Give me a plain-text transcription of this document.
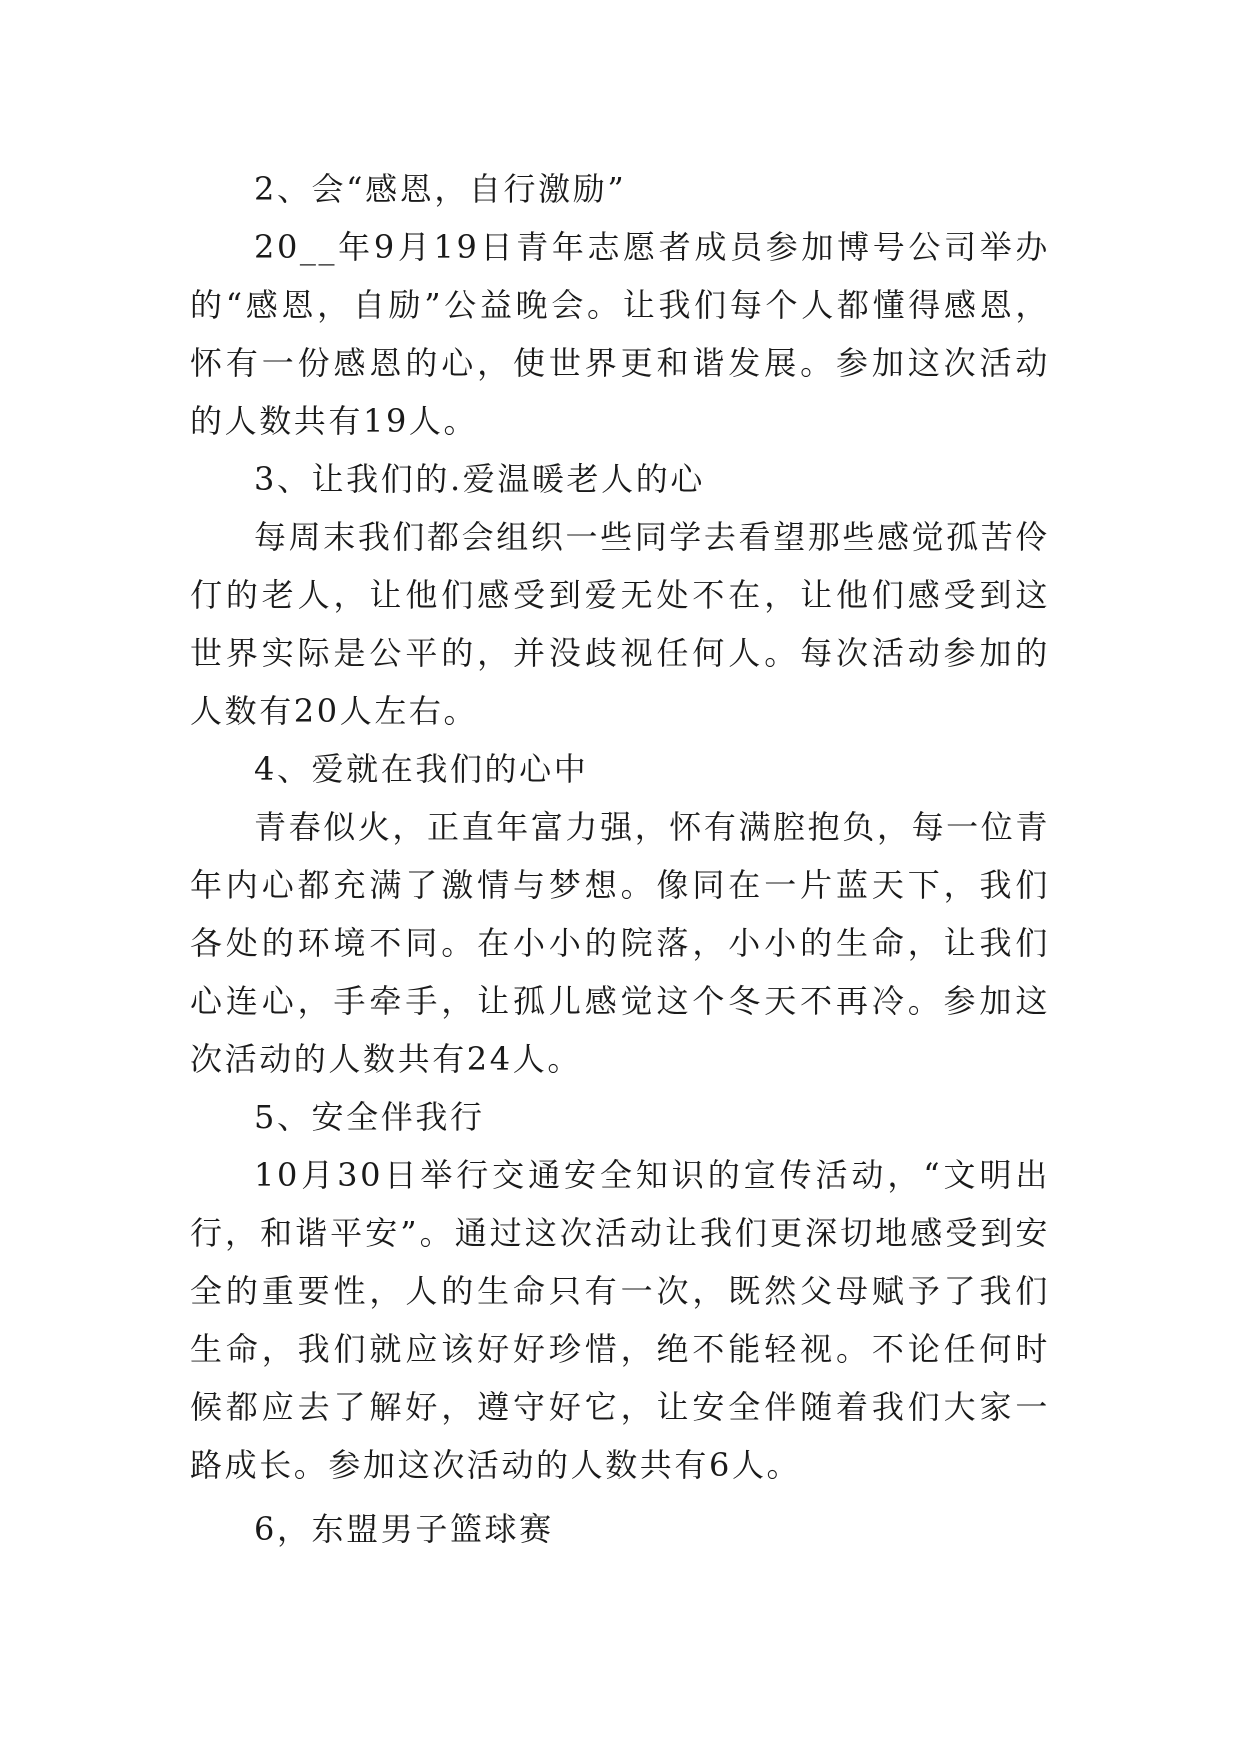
2、会“感恩，自行激励”

20__年9月19日青年志愿者成员参加博号公司举办的“感恩，自励”公益晚会。让我们每个人都懂得感恩，怀有一份感恩的心，使世界更和谐发展。参加这次活动的人数共有19人。

3、让我们的.爱温暖老人的心

每周末我们都会组织一些同学去看望那些感觉孤苦伶仃的老人，让他们感受到爱无处不在，让他们感受到这世界实际是公平的，并没歧视任何人。每次活动参加的人数有20人左右。

4、爱就在我们的心中

青春似火，正直年富力强，怀有满腔抱负，每一位青年内心都充满了激情与梦想。像同在一片蓝天下，我们各处的环境不同。在小小的院落，小小的生命，让我们心连心，手牵手，让孤儿感觉这个冬天不再冷。参加这次活动的人数共有24人。

5、安全伴我行

10月30日举行交通安全知识的宣传活动，“文明出行，和谐平安”。通过这次活动让我们更深切地感受到安全的重要性，人的生命只有一次，既然父母赋予了我们生命，我们就应该好好珍惜，绝不能轻视。不论任何时候都应去了解好，遵守好它，让安全伴随着我们大家一路成长。参加这次活动的人数共有6人。

6，东盟男子篮球赛
